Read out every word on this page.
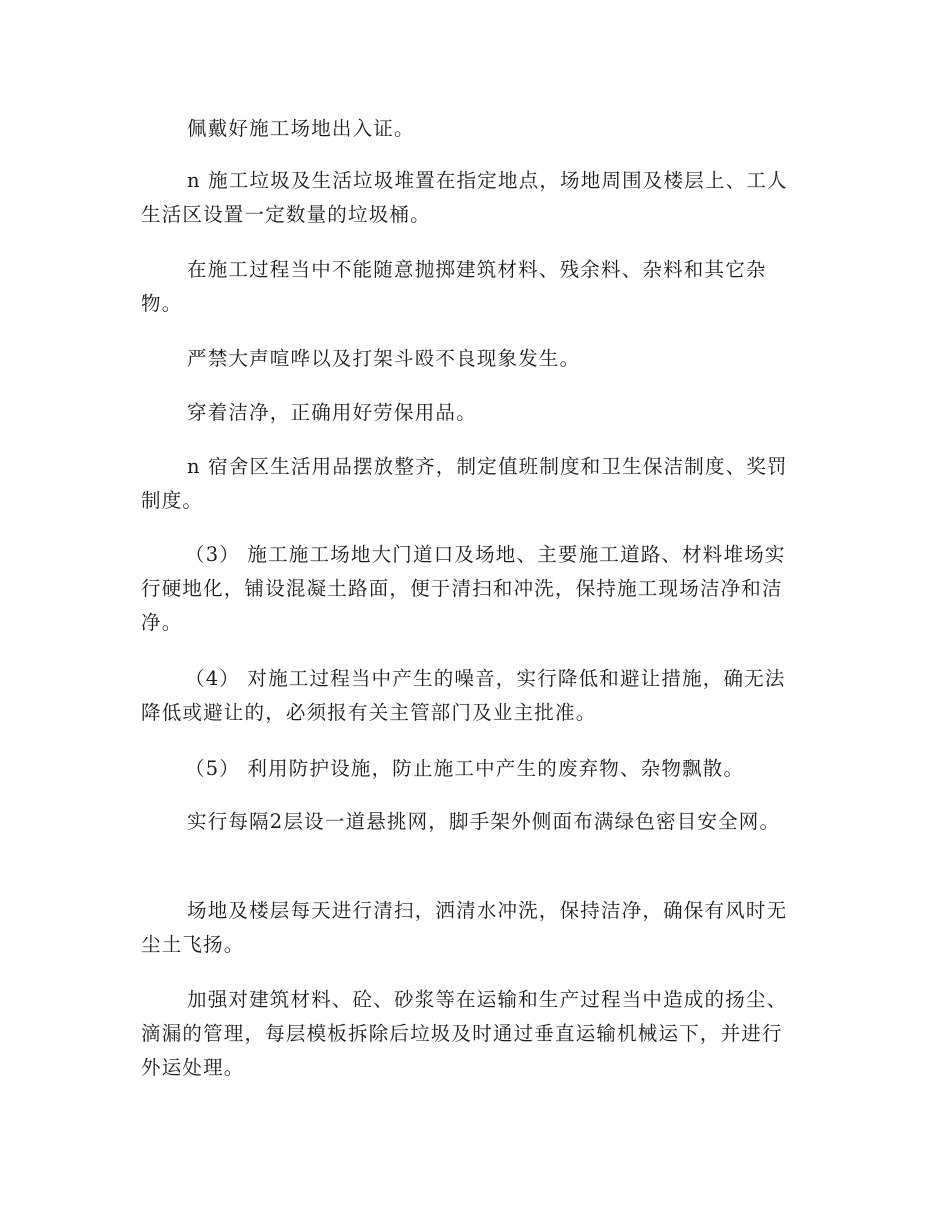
佩戴好施工场地出入证。

n 施工垃圾及生活垃圾堆置在指定地点，场地周围及楼层上、工人生活区设置一定数量的垃圾桶。

在施工过程当中不能随意抛掷建筑材料、残余料、杂料和其它杂物。

严禁大声喧哗以及打架斗殴不良现象发生。

穿着洁净，正确用好劳保用品。

n 宿舍区生活用品摆放整齐，制定值班制度和卫生保洁制度、奖罚制度。

（3） 施工施工场地大门道口及场地、主要施工道路、材料堆场实行硬地化，铺设混凝土路面，便于清扫和冲洗，保持施工现场洁净和洁净。

（4） 对施工过程当中产生的噪音，实行降低和避让措施，确无法降低或避让的，必须报有关主管部门及业主批准。

（5） 利用防护设施，防止施工中产生的废弃物、杂物飘散。

实行每隔2层设一道悬挑网，脚手架外侧面布满绿色密目安全网。

场地及楼层每天进行清扫，洒清水冲洗，保持洁净，确保有风时无尘土飞扬。

加强对建筑材料、砼、砂浆等在运输和生产过程当中造成的扬尘、滴漏的管理，每层模板拆除后垃圾及时通过垂直运输机械运下，并进行外运处理。
